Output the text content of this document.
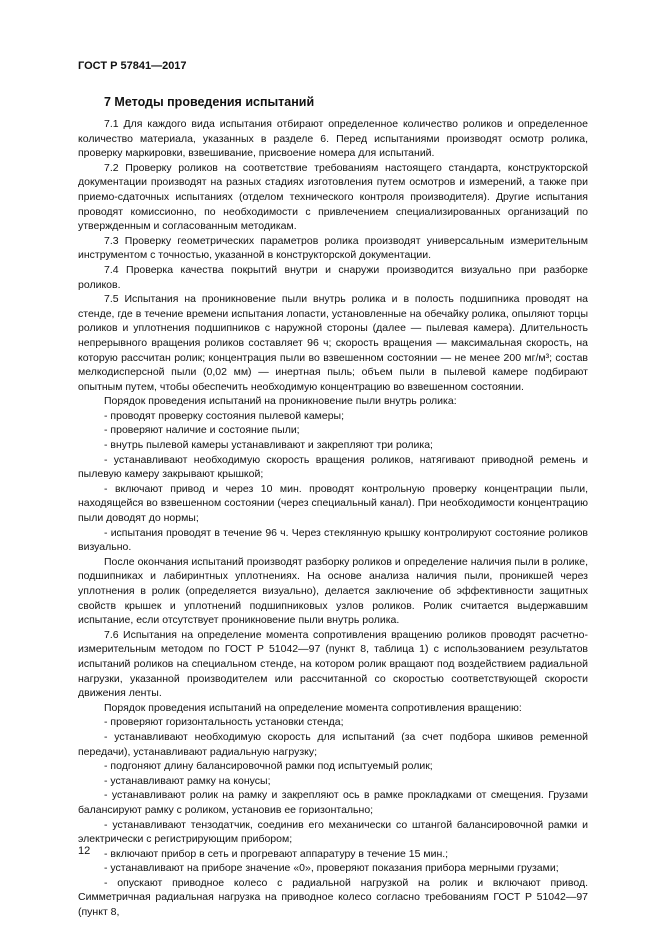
ГОСТ Р 57841—2017
7 Методы проведения испытаний

7.1 Для каждого вида испытания отбирают определенное количество роликов и определенное количество материала, указанных в разделе 6. Перед испытаниями производят осмотр ролика, проверку маркировки, взвешивание, присвоение номера для испытаний.

7.2 Проверку роликов на соответствие требованиям настоящего стандарта, конструкторской документации производят на разных стадиях изготовления путем осмотров и измерений, а также при приемо-сдаточных испытаниях (отделом технического контроля производителя). Другие испытания проводят комиссионно, по необходимости с привлечением специализированных организаций по утвержденным и согласованным методикам.

7.3 Проверку геометрических параметров ролика производят универсальным измерительным инструментом с точностью, указанной в конструкторской документации.

7.4 Проверка качества покрытий внутри и снаружи производится визуально при разборке роликов.

7.5 Испытания на проникновение пыли внутрь ролика и в полость подшипника проводят на стенде, где в течение времени испытания лопасти, установленные на обечайку ролика, опыляют торцы роликов и уплотнения подшипников с наружной стороны (далее — пылевая камера). Длительность непрерывного вращения роликов составляет 96 ч; скорость вращения — максимальная скорость, на которую рассчитан ролик; концентрация пыли во взвешенном состоянии — не менее 200 мг/м³; состав мелкодисперсной пыли (0,02 мм) — инертная пыль; объем пыли в пылевой камере подбирают опытным путем, чтобы обеспечить необходимую концентрацию во взвешенном состоянии.

Порядок проведения испытаний на проникновение пыли внутрь ролика:

- проводят проверку состояния пылевой камеры;

- проверяют наличие и состояние пыли;

- внутрь пылевой камеры устанавливают и закрепляют три ролика;

- устанавливают необходимую скорость вращения роликов, натягивают приводной ремень и пылевую камеру закрывают крышкой;

- включают привод и через 10 мин. проводят контрольную проверку концентрации пыли, находящейся во взвешенном состоянии (через специальный канал). При необходимости концентрацию пыли доводят до нормы;

- испытания проводят в течение 96 ч. Через стеклянную крышку контролируют состояние роликов визуально.

После окончания испытаний производят разборку роликов и определение наличия пыли в ролике, подшипниках и лабиринтных уплотнениях. На основе анализа наличия пыли, проникшей через уплотнения в ролик (определяется визуально), делается заключение об эффективности защитных свойств крышек и уплотнений подшипниковых узлов роликов. Ролик считается выдержавшим испытание, если отсутствует проникновение пыли внутрь ролика.

7.6 Испытания на определение момента сопротивления вращению роликов проводят расчетно-измерительным методом по ГОСТ Р 51042—97 (пункт 8, таблица 1) с использованием результатов испытаний роликов на специальном стенде, на котором ролик вращают под воздействием радиальной нагрузки, указанной производителем или рассчитанной со скоростью соответствующей скорости движения ленты.

Порядок проведения испытаний на определение момента сопротивления вращению:

- проверяют горизонтальность установки стенда;

- устанавливают необходимую скорость для испытаний (за счет подбора шкивов ременной передачи), устанавливают радиальную нагрузку;

- подгоняют длину балансировочной рамки под испытуемый ролик;

- устанавливают рамку на конусы;

- устанавливают ролик на рамку и закрепляют ось в рамке прокладками от смещения. Грузами балансируют рамку с роликом, установив ее горизонтально;

- устанавливают тензодатчик, соединив его механически со штангой балансировочной рамки и электрически с регистрирующим прибором;

- включают прибор в сеть и прогревают аппаратуру в течение 15 мин.;

- устанавливают на приборе значение «0», проверяют показания прибора мерными грузами;

- опускают приводное колесо с радиальной нагрузкой на ролик и включают привод. Симметричная радиальная нагрузка на приводное колесо согласно требованиям ГОСТ Р 51042—97 (пункт 8,

12
